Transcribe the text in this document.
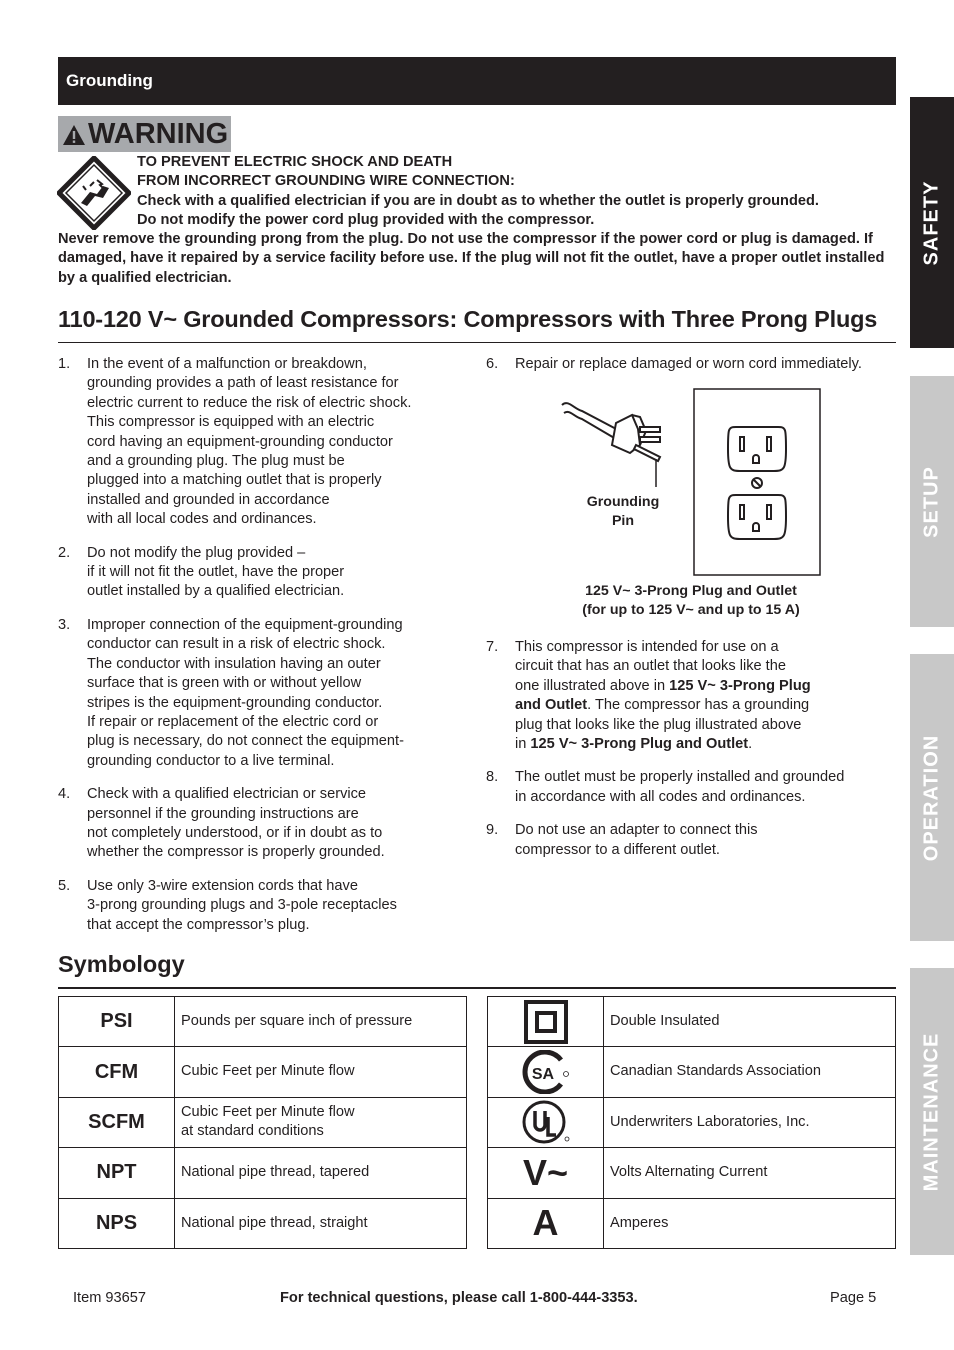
Grounding
SAFETY
SETUP
OPERATION
MAINTENANCE
WARNING
TO PREVENT ELECTRIC SHOCK AND DEATH
FROM INCORRECT GROUNDING WIRE CONNECTION:
Check with a qualified electrician if you are in doubt as to whether the outlet is properly grounded.
Do not modify the power cord plug provided with the compressor.
Never remove the grounding prong from the plug. Do not use the compressor if the power cord or plug is damaged. If damaged, have it repaired by a service facility before use. If the plug will not fit the outlet, have a proper outlet installed by a qualified electrician.
110-120 V~ Grounded Compressors: Compressors with Three Prong Plugs
1. In the event of a malfunction or breakdown,
grounding provides a path of least resistance for
electric current to reduce the risk of electric shock.
This compressor is equipped with an electric
cord having an equipment-grounding conductor
and a grounding plug. The plug must be
plugged into a matching outlet that is properly
installed and grounded in accordance
with all local codes and ordinances.

2. Do not modify the plug provided –
if it will not fit the outlet, have the proper
outlet installed by a qualified electrician.

3. Improper connection of the equipment-grounding
conductor can result in a risk of electric shock.
The conductor with insulation having an outer
surface that is green with or without yellow
stripes is the equipment-grounding conductor.
If repair or replacement of the electric cord or
plug is necessary, do not connect the equipment-
grounding conductor to a live terminal.

4. Check with a qualified electrician or service
personnel if the grounding instructions are
not completely understood, or if in doubt as to
whether the compressor is properly grounded.

5. Use only 3-wire extension cords that have
3-prong grounding plugs and 3-pole receptacles
that accept the compressor’s plug.

6. Repair or replace damaged or worn cord immediately.

Grounding
Pin
125 V~ 3-Prong Plug and Outlet
(for up to 125 V~ and up to 15 A)
7. This compressor is intended for use on a
circuit that has an outlet that looks like the
one illustrated above in 125 V~ 3-Prong Plug
and Outlet. The compressor has a grounding
plug that looks like the plug illustrated above
in 125 V~ 3-Prong Plug and Outlet.

8. The outlet must be properly installed and grounded
in accordance with all codes and ordinances.

9. Do not use an adapter to connect this
compressor to a different outlet.

Symbology
PSI	Pounds per square inch of pressure
CFM	Cubic Feet per Minute flow
SCFM	Cubic Feet per Minute flow
at standard conditions
NPT	National pipe thread, tapered
NPS	National pipe thread, straight
	Double Insulated

SA	Canadian Standards Association

	Underwriters Laboratories, Inc.
V~	Volts Alternating Current
A	Amperes
Item 93657	For technical questions, please call 1-800-444-3353.	Page 5
